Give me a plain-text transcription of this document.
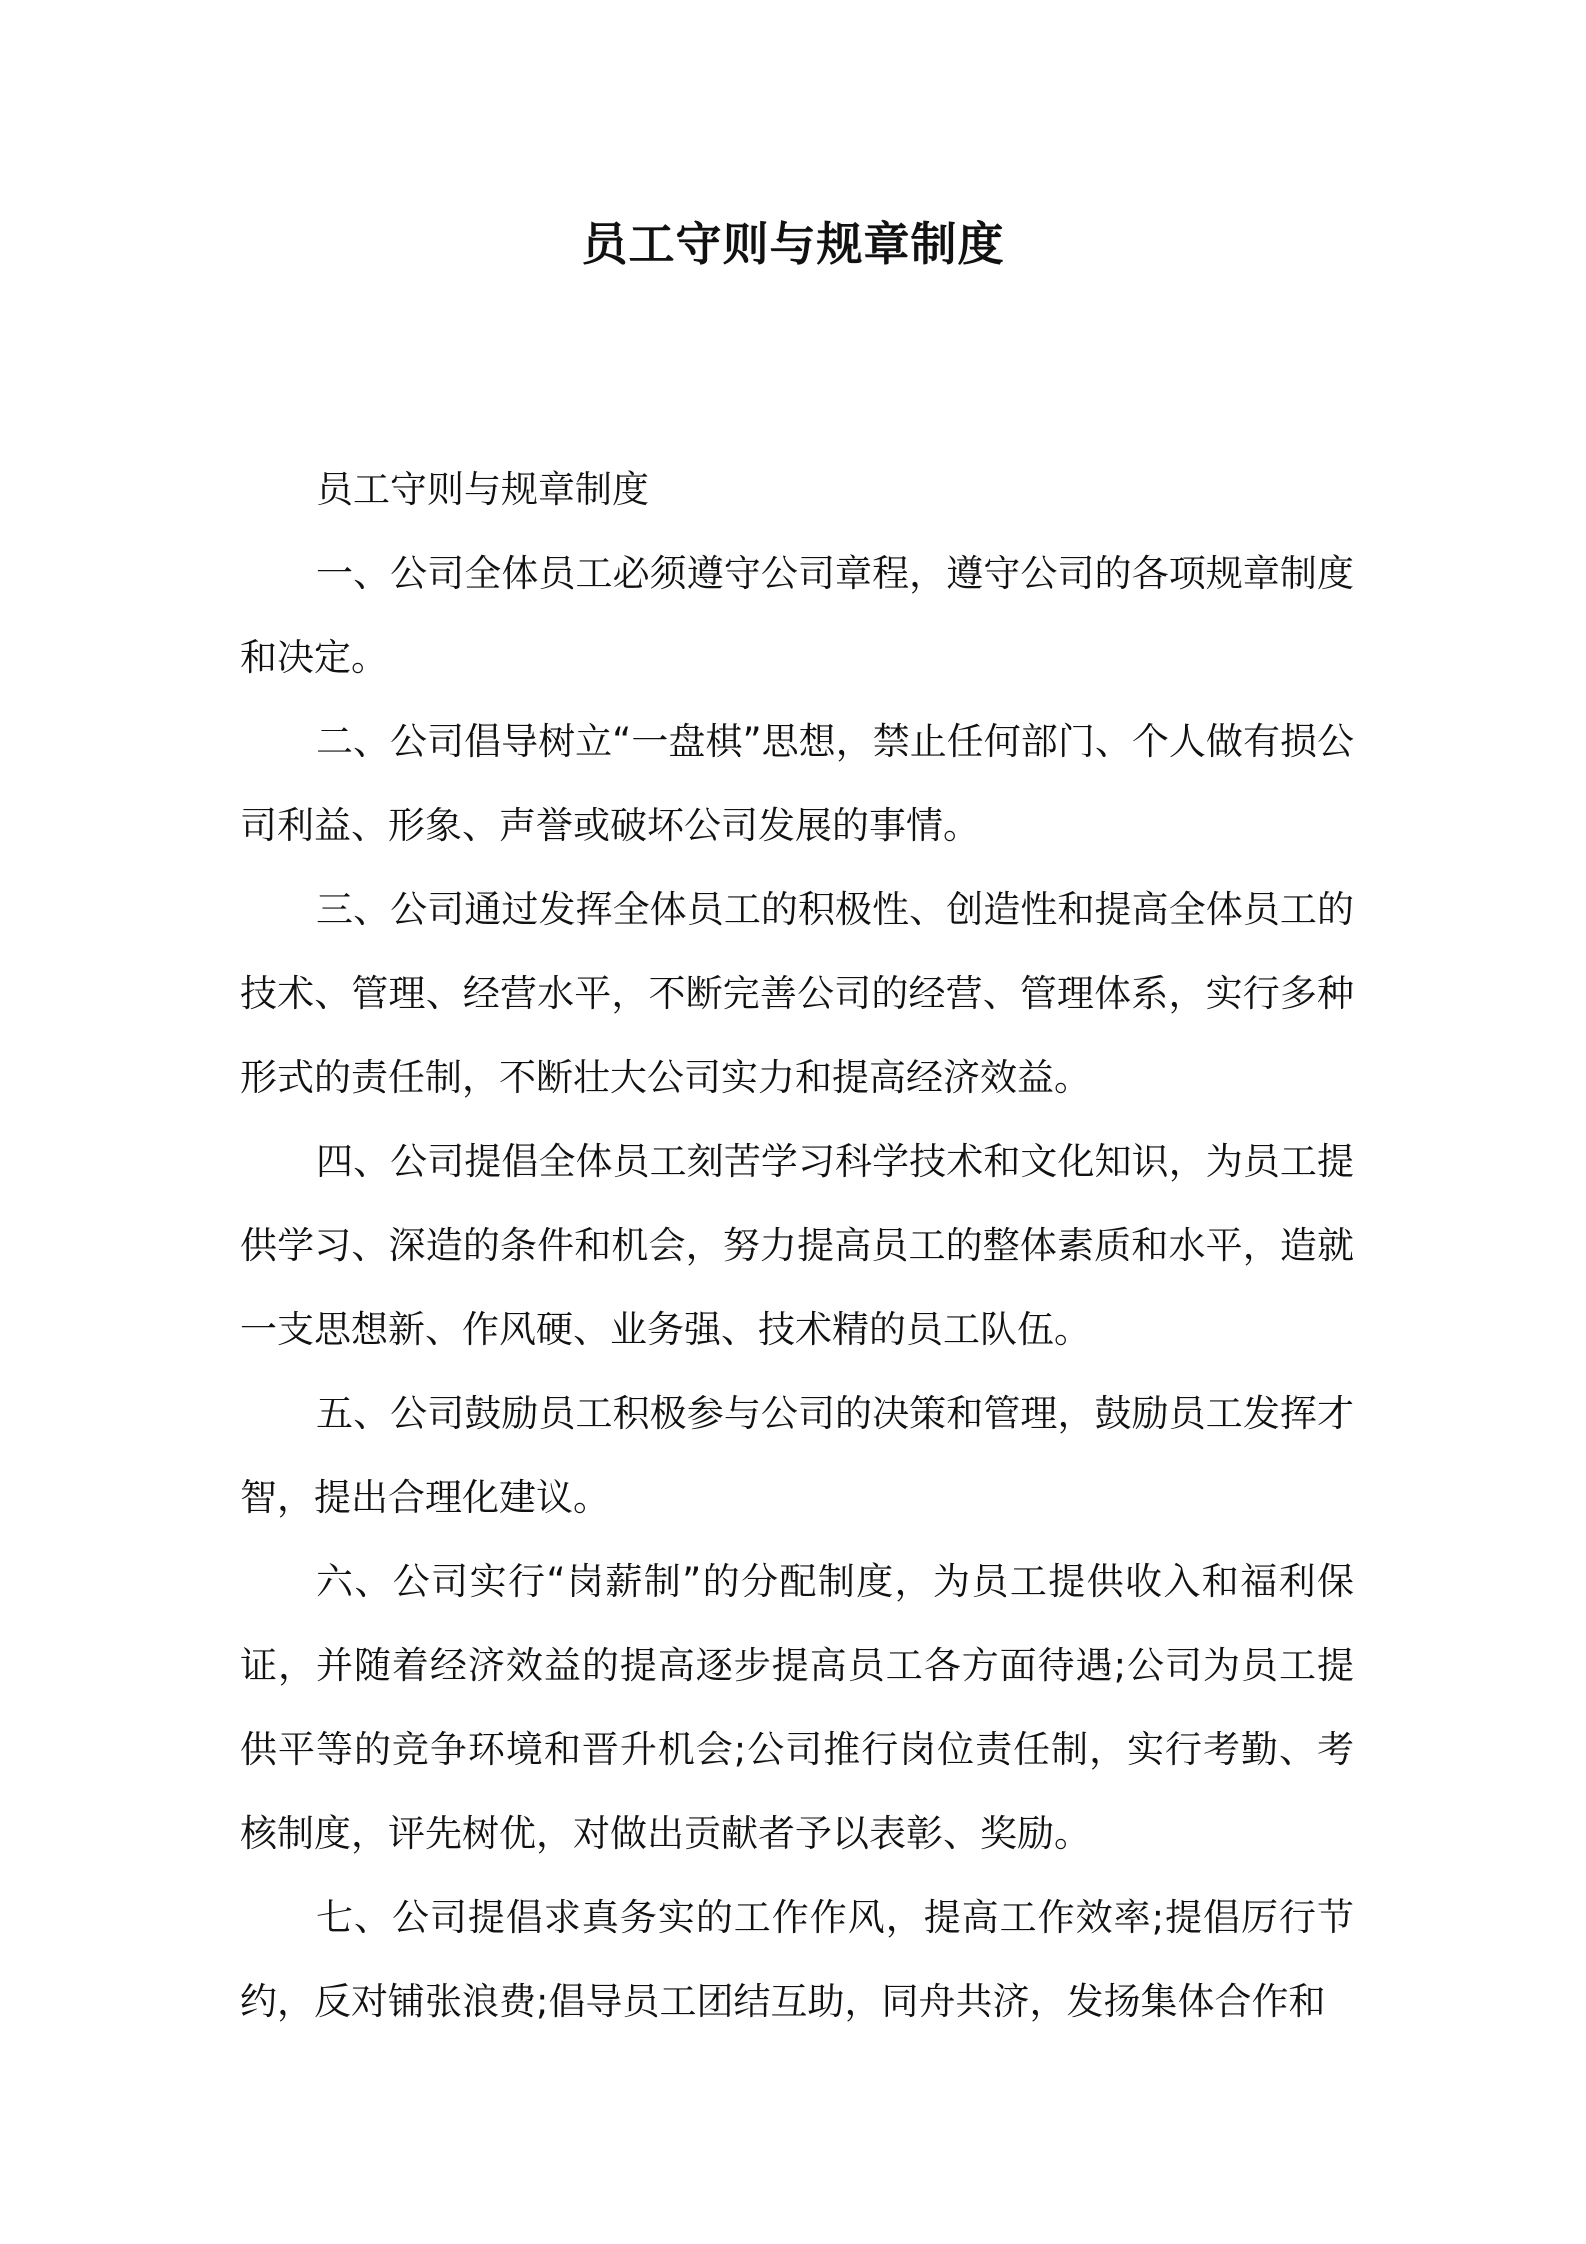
员工守则与规章制度

员工守则与规章制度

一、公司全体员工必须遵守公司章程，遵守公司的各项规章制度和决定。

二、公司倡导树立“一盘棋”思想，禁止任何部门、个人做有损公司利益、形象、声誉或破坏公司发展的事情。

三、公司通过发挥全体员工的积极性、创造性和提高全体员工的技术、管理、经营水平，不断完善公司的经营、管理体系，实行多种形式的责任制，不断壮大公司实力和提高经济效益。

四、公司提倡全体员工刻苦学习科学技术和文化知识，为员工提供学习、深造的条件和机会，努力提高员工的整体素质和水平，造就一支思想新、作风硬、业务强、技术精的员工队伍。

五、公司鼓励员工积极参与公司的决策和管理，鼓励员工发挥才智，提出合理化建议。

六、公司实行“岗薪制”的分配制度，为员工提供收入和福利保证，并随着经济效益的提高逐步提高员工各方面待遇;公司为员工提供平等的竞争环境和晋升机会;公司推行岗位责任制，实行考勤、考核制度，评先树优，对做出贡献者予以表彰、奖励。

七、公司提倡求真务实的工作作风，提高工作效率;提倡厉行节约，反对铺张浪费;倡导员工团结互助，同舟共济，发扬集体合作和
